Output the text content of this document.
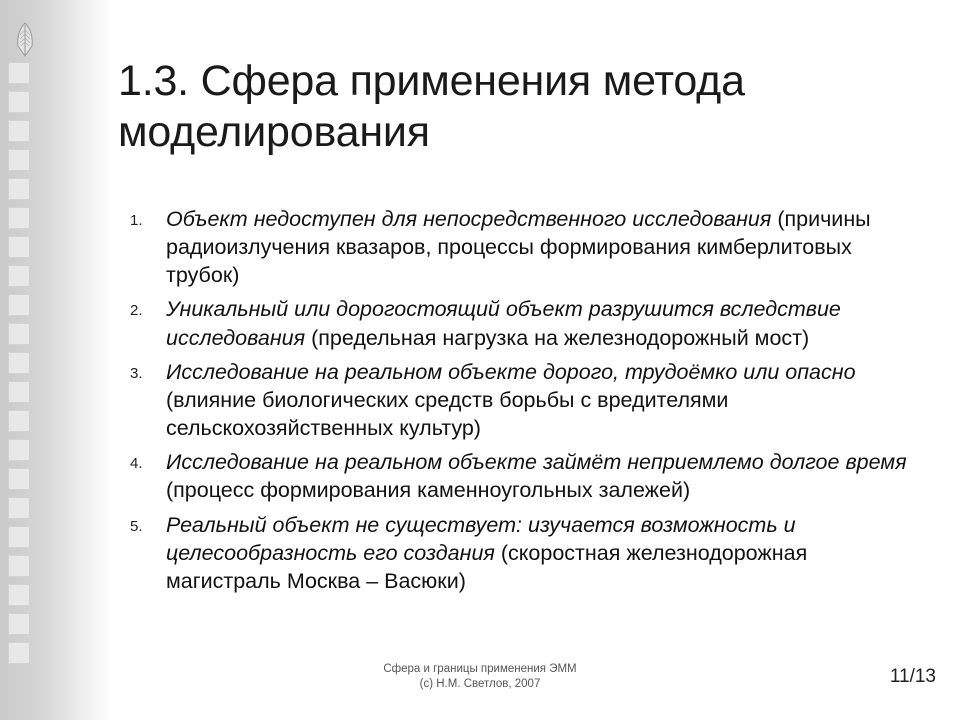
1.3. Сфера применения метода моделирования
1.	Объект недоступен для непосредственного исследования (причины радиоизлучения квазаров, процессы формирования кимберлитовых трубок)
2.	Уникальный или дорогостоящий объект разрушится вследствие исследования (предельная нагрузка на железнодорожный мост)
3.	Исследование на реальном объекте дорого, трудоёмко или опасно (влияние биологических средств борьбы с вредителями сельскохозяйственных культур)
4.	Исследование на реальном объекте займёт неприемлемо долгое время (процесс формирования каменноугольных залежей)
5.	Реальный объект не существует: изучается возможность и целесообразность его создания (скоростная железнодорожная магистраль Москва – Васюки)
Сфера и границы применения ЭММ
(с) Н.М. Светлов, 2007	11/13
